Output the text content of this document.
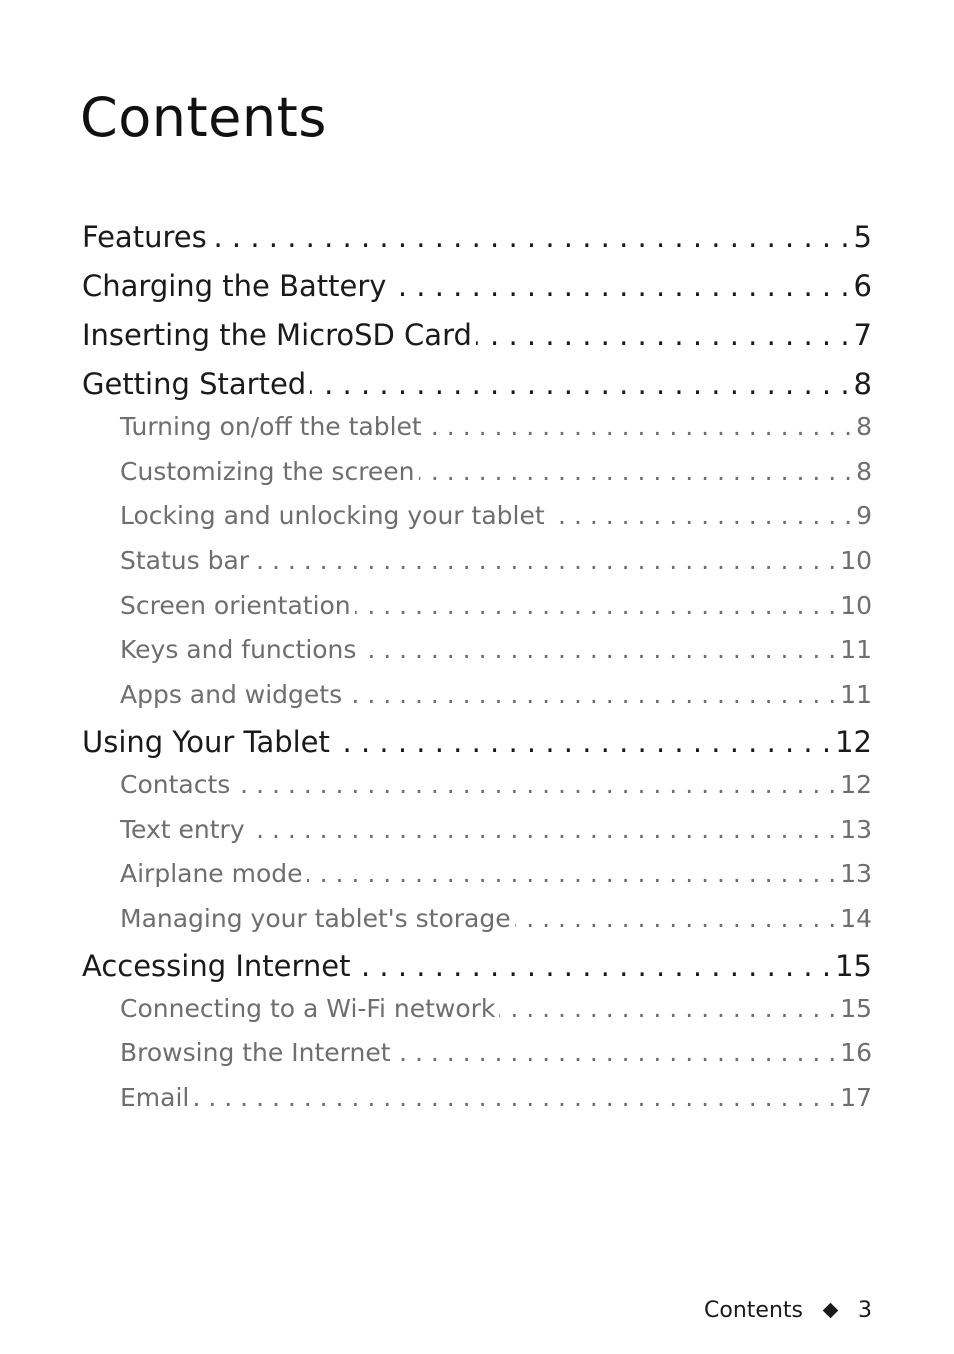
Contents
Features . . .	5
Charging the Battery . . .	6
Inserting the MicroSD Card . . .	7
Getting Started . . .	8
Turning on/off the tablet . .	8
Customizing the screen . .	8
Locking and unlocking your tablet . .	9
Status bar . .	10
Screen orientation . .	10
Keys and functions . .	11
Apps and widgets . .	11
Using Your Tablet . . .	12
Contacts . .	12
Text entry . .	13
Airplane mode . .	13
Managing your tablet's storage . .	14
Accessing Internet . . .	15
Connecting to a Wi-Fi network . .	15
Browsing the Internet . .	16
Email . .	17
Contents	3
